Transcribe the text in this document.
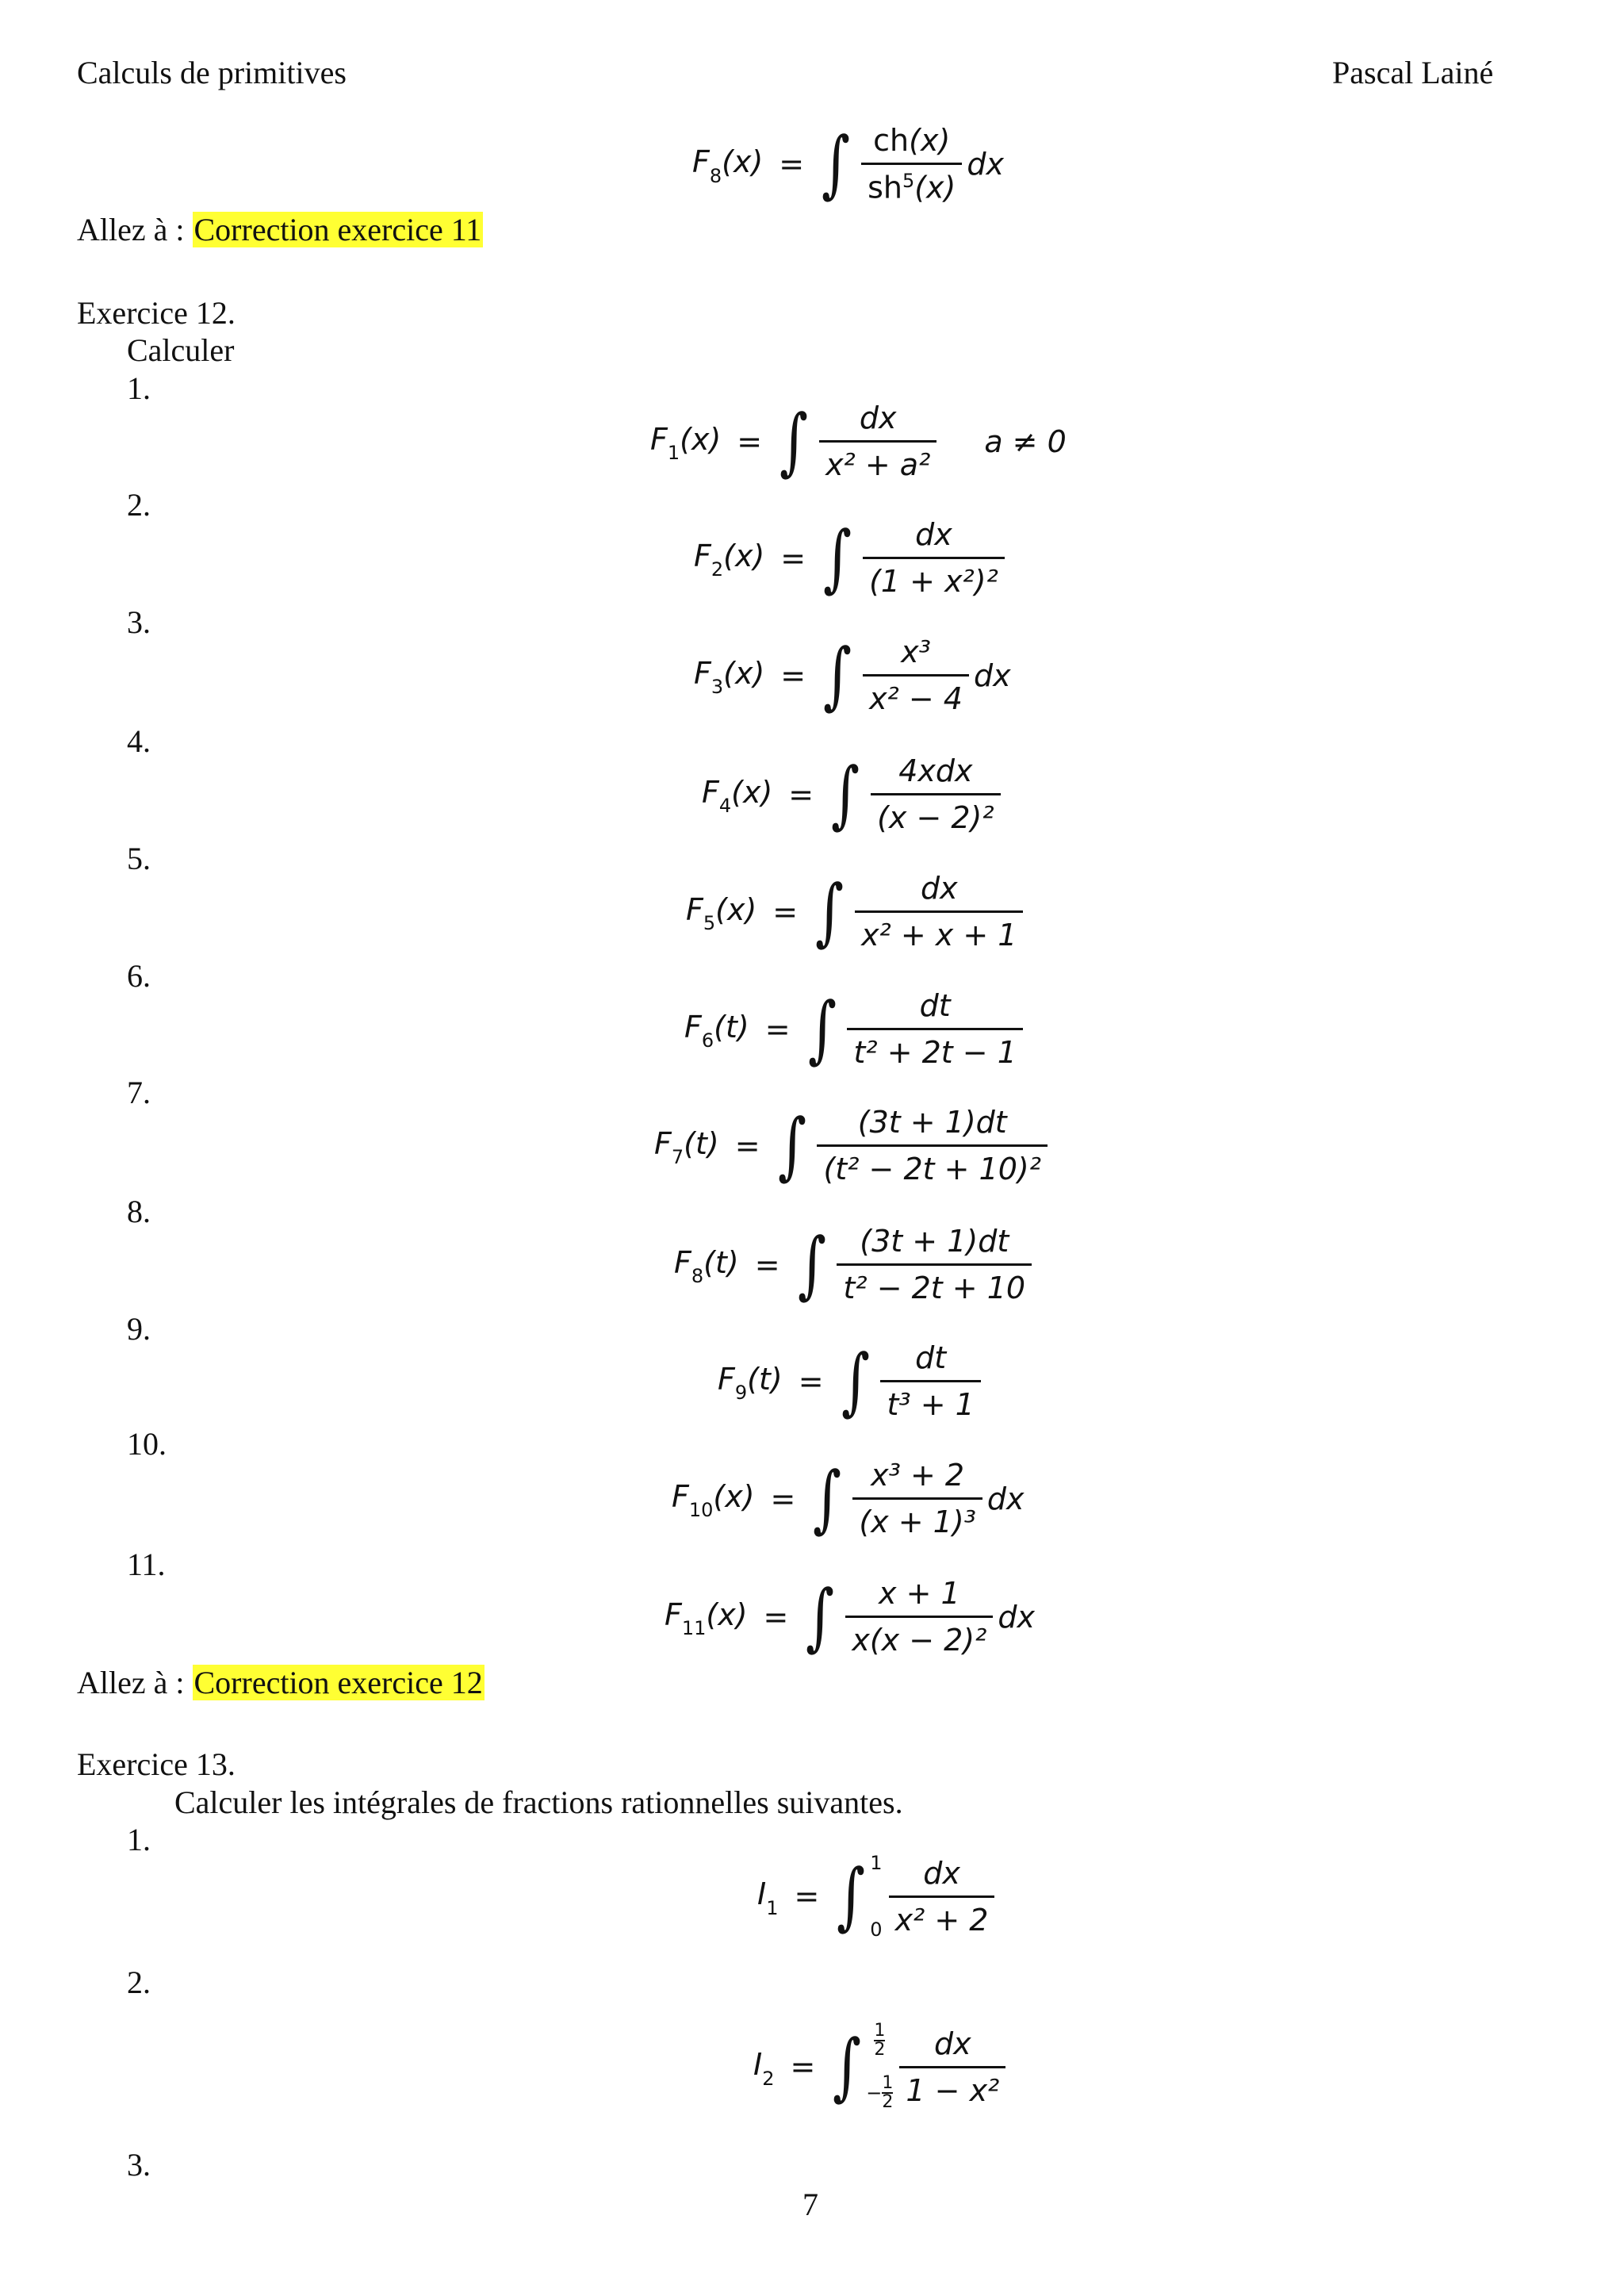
Calculs de primitives	Pascal Lainé
$F_8(x)$ = ∫ $\frac{ch(x)}{sh^5(x)}$ dx
Allez à : Correction exercice 11
Exercice 12.
Calculer
1.
2.
3.
4.
5.
6.
7.
8.
9.
10.
11.
$F_1(x)$ = ∫ $\frac{dx}{\text{x² + a²}}$ a ≠ 0
$F_2(x)$ = ∫ $\frac{dx}{\text{(1 + x²)²}}$
$F_3(x)$ = ∫ $\frac{\text{x³}}{\text{x² − 4}}$ dx
$F_4(x)$ = ∫ $\frac{\text{4xdx}}{\text{(x − 2)²}}$
$F_5(x)$ = ∫ $\frac{dx}{\text{x² + x + 1}}$
$F_6(t)$ = ∫ $\frac{dt}{\text{t² + 2t − 1}}$
$F_7(t)$ = ∫ $\frac{(3t + 1)dt}{\text{(t² − 2t + 10)²}}$
$F_8(t)$ = ∫ $\frac{(3t + 1)dt}{\text{t² − 2t + 10}}$
$F_9(t)$ = ∫ $\frac{dt}{\text{t³ + 1}}$
$F_{10}(x)$ = ∫ $\frac{\text{x³ + 2}}{\text{(x + 1)³}}$ dx
$F_{11}(x)$ = ∫ $\frac{x + 1}{\text{x(x − 2)²}}$ dx
Allez à : Correction exercice 12
Exercice 13.
Calculer les intégrales de fractions rationnelles suivantes.
1.
2.
3.
$I_1$ = ∫ 1
$0 \frac{dx}{\text{x² + 2}}$
$I_2$ = ∫ 1
2
− $\frac{1}{2} \frac{dx}{\text{1 − x²}}$
7
